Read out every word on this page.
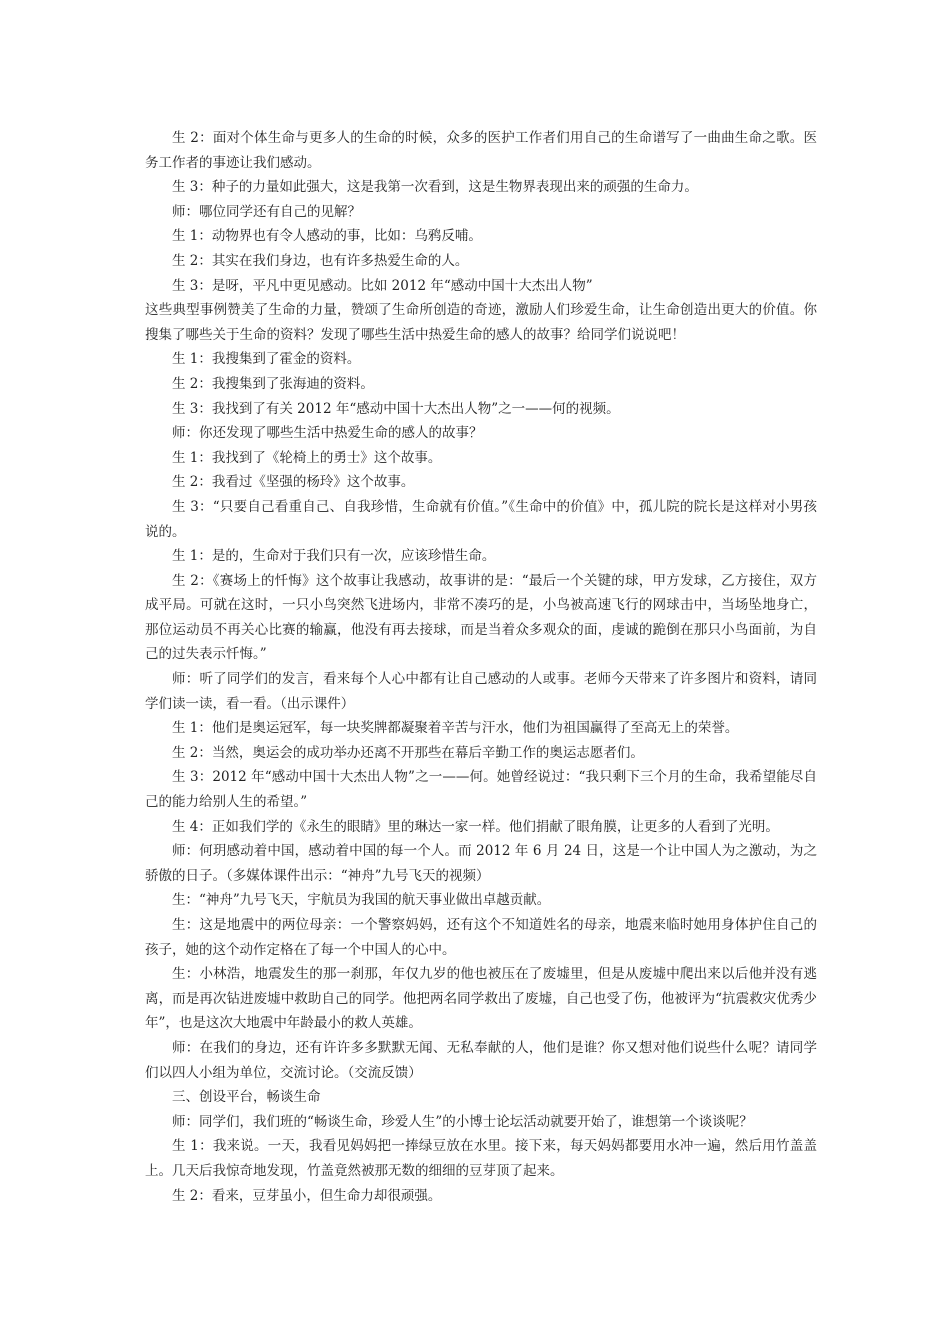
生 2：面对个体生命与更多人的生命的时候，众多的医护工作者们用自己的生命谱写了一曲曲生命之歌。医务工作者的事迹让我们感动。

生 3：种子的力量如此强大，这是我第一次看到，这是生物界表现出来的顽强的生命力。

师：哪位同学还有自己的见解？

生 1：动物界也有令人感动的事，比如：乌鸦反哺。

生 2：其实在我们身边，也有许多热爱生命的人。

生 3：是呀，平凡中更见感动。比如 2012 年“感动中国十大杰出人物”

这些典型事例赞美了生命的力量，赞颂了生命所创造的奇迹，激励人们珍爱生命，让生命创造出更大的价值。你搜集了哪些关于生命的资料？发现了哪些生活中热爱生命的感人的故事？给同学们说说吧！

生 1：我搜集到了霍金的资料。

生 2：我搜集到了张海迪的资料。

生 3：我找到了有关 2012 年“感动中国十大杰出人物”之一——何的视频。

师：你还发现了哪些生活中热爱生命的感人的故事？

生 1：我找到了《轮椅上的勇士》这个故事。

生 2：我看过《坚强的杨玲》这个故事。

生 3：“只要自己看重自己、自我珍惜，生命就有价值。”《生命中的价值》中，孤儿院的院长是这样对小男孩说的。

生 1：是的，生命对于我们只有一次，应该珍惜生命。

生 2：《赛场上的忏悔》这个故事让我感动，故事讲的是：“最后一个关键的球，甲方发球，乙方接住，双方成平局。可就在这时，一只小鸟突然飞进场内，非常不凑巧的是，小鸟被高速飞行的网球击中，当场坠地身亡，那位运动员不再关心比赛的输赢，他没有再去接球，而是当着众多观众的面，虔诚的跪倒在那只小鸟面前，为自己的过失表示忏悔。”

师：听了同学们的发言，看来每个人心中都有让自己感动的人或事。老师今天带来了许多图片和资料，请同学们读一读，看一看。（出示课件）

生 1：他们是奥运冠军，每一块奖牌都凝聚着辛苦与汗水，他们为祖国赢得了至高无上的荣誉。

生 2：当然，奥运会的成功举办还离不开那些在幕后辛勤工作的奥运志愿者们。

生 3：2012 年“感动中国十大杰出人物”之一——何。她曾经说过：“我只剩下三个月的生命，我希望能尽自己的能力给别人生的希望。”

生 4：正如我们学的《永生的眼睛》里的琳达一家一样。他们捐献了眼角膜，让更多的人看到了光明。

师：何玥感动着中国，感动着中国的每一个人。而 2012 年 6 月 24 日，这是一个让中国人为之激动，为之骄傲的日子。（多媒体课件出示：“神舟”九号飞天的视频）

生：“神舟”九号飞天，宇航员为我国的航天事业做出卓越贡献。

生：这是地震中的两位母亲：一个警察妈妈，还有这个不知道姓名的母亲，地震来临时她用身体护住自己的孩子，她的这个动作定格在了每一个中国人的心中。

生：小林浩，地震发生的那一刹那，年仅九岁的他也被压在了废墟里，但是从废墟中爬出来以后他并没有逃离，而是再次钻进废墟中救助自己的同学。他把两名同学救出了废墟，自己也受了伤，他被评为“抗震救灾优秀少年”，也是这次大地震中年龄最小的救人英雄。

师：在我们的身边，还有许许多多默默无闻、无私奉献的人，他们是谁？你又想对他们说些什么呢？请同学们以四人小组为单位，交流讨论。（交流反馈）

三、创设平台，畅谈生命

师：同学们，我们班的“畅谈生命，珍爱人生”的小博士论坛活动就要开始了，谁想第一个谈谈呢？

生 1：我来说。一天，我看见妈妈把一捧绿豆放在水里。接下来，每天妈妈都要用水冲一遍，然后用竹盖盖上。几天后我惊奇地发现，竹盖竟然被那无数的细细的豆芽顶了起来。

生 2：看来，豆芽虽小，但生命力却很顽强。
